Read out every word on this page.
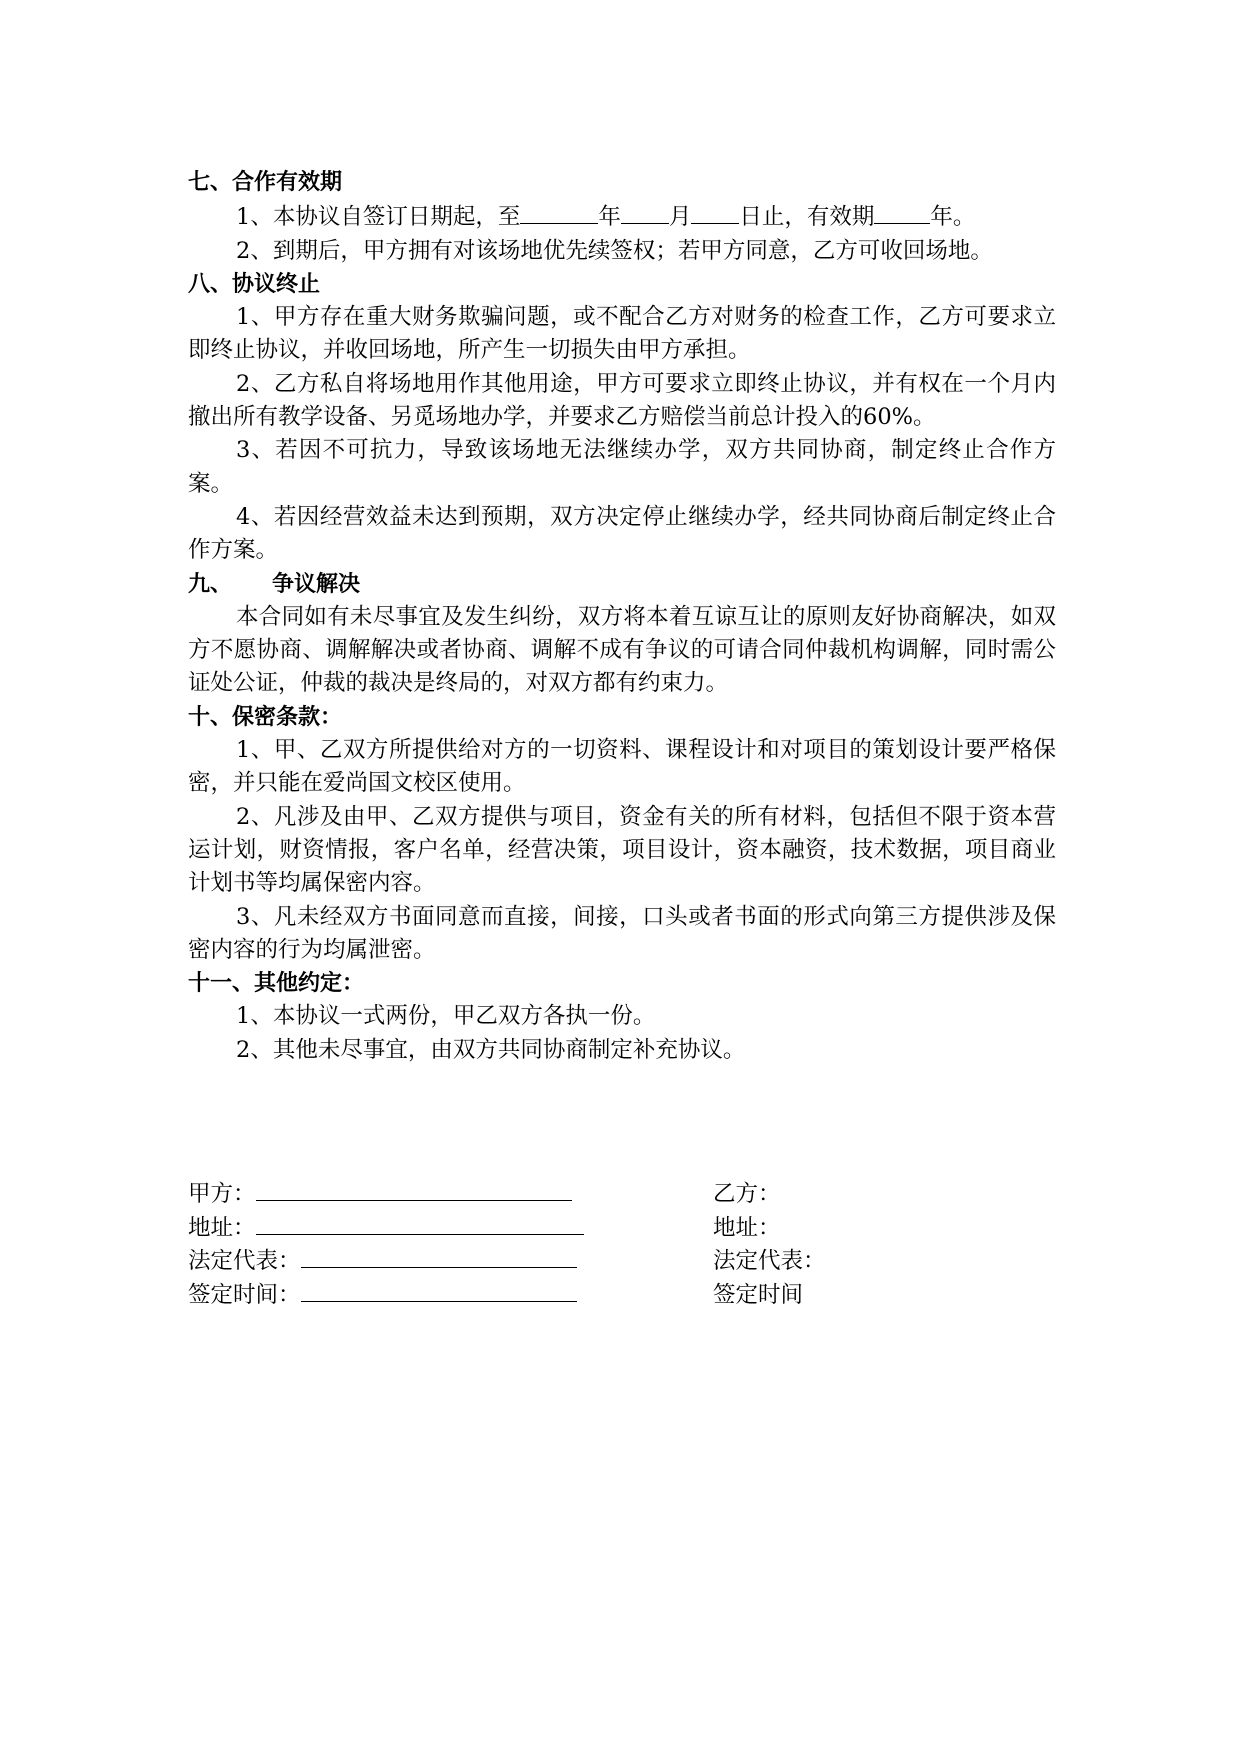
七、合作有效期
1、本协议自签订日期起，至	年 月 日止，有效期 年。
2、到期后，甲方拥有对该场地优先续签权；若甲方同意，乙方可收回场地。
八、协议终止
1、甲方存在重大财务欺骗问题，或不配合乙方对财务的检查工作，乙方可要求立即终止协议，并收回场地，所产生一切损失由甲方承担。
2、乙方私自将场地用作其他用途，甲方可要求立即终止协议，并有权在一个月内撤出所有教学设备、另觅场地办学，并要求乙方赔偿当前总计投入的60%。
3、若因不可抗力，导致该场地无法继续办学，双方共同协商，制定终止合作方案。
4、若因经营效益未达到预期，双方决定停止继续办学，经共同协商后制定终止合作方案。
九、 争议解决
本合同如有未尽事宜及发生纠纷，双方将本着互谅互让的原则友好协商解决，如双方不愿协商、调解解决或者协商、调解不成有争议的可请合同仲裁机构调解，同时需公证处公证，仲裁的裁决是终局的，对双方都有约束力。
十、保密条款：
1、甲、乙双方所提供给对方的一切资料、课程设计和对项目的策划设计要严格保密，并只能在爱尚国文校区使用。
2、凡涉及由甲、乙双方提供与项目，资金有关的所有材料，包括但不限于资本营运计划，财资情报，客户名单，经营决策，项目设计，资本融资，技术数据，项目商业计划书等均属保密内容。
3、凡未经双方书面同意而直接，间接，口头或者书面的形式向第三方提供涉及保密内容的行为均属泄密。
十一、其他约定：
1、本协议一式两份，甲乙双方各执一份。
2、其他未尽事宜，由双方共同协商制定补充协议。
甲方：	乙方：
地址：	地址：
法定代表：	法定代表：
签定时间：	签定时间
